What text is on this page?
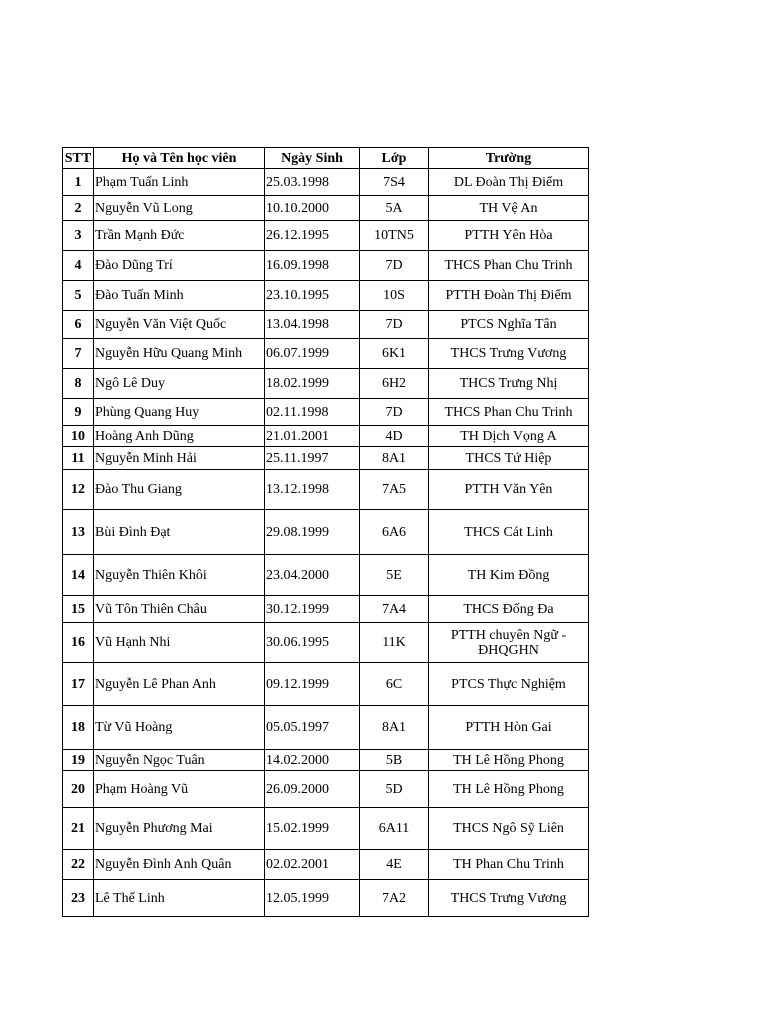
STT	Họ và Tên học viên	Ngày Sinh	Lớp	Trường
1	Phạm Tuấn Linh	25.03.1998	7S4	DL Đoàn Thị Điểm
2	Nguyễn Vũ Long	10.10.2000	5A	TH Vệ An
3	Trần Mạnh Đức	26.12.1995	10TN5	PTTH Yên Hòa
4	Đào Dũng Trí	16.09.1998	7D	THCS Phan Chu Trinh
5	Đào Tuấn Minh	23.10.1995	10S	PTTH Đoàn Thị Điểm
6	Nguyễn Văn Việt Quốc	13.04.1998	7D	PTCS Nghĩa Tân
7	Nguyễn Hữu Quang Minh	06.07.1999	6K1	THCS Trưng Vương
8	Ngô Lê Duy	18.02.1999	6H2	THCS Trưng Nhị
9	Phùng Quang Huy	02.11.1998	7D	THCS Phan Chu Trinh
10	Hoàng Anh Dũng	21.01.2001	4D	TH Dịch Vọng A
11	Nguyễn Minh Hải	25.11.1997	8A1	THCS Tứ Hiệp
12	Đào Thu Giang	13.12.1998	7A5	PTTH Văn Yên
13	Bùi Đình Đạt	29.08.1999	6A6	THCS Cát Linh
14	Nguyễn Thiên Khôi	23.04.2000	5E	TH Kim Đồng
15	Vũ Tôn Thiên Châu	30.12.1999	7A4	THCS Đống Đa
16	Vũ Hạnh Nhi	30.06.1995	11K	PTTH chuyên Ngữ - ĐHQGHN
17	Nguyễn Lê Phan Anh	09.12.1999	6C	PTCS Thực Nghiệm
18	Từ Vũ Hoàng	05.05.1997	8A1	PTTH Hòn Gai
19	Nguyễn Ngọc Tuân	14.02.2000	5B	TH Lê Hồng Phong
20	Phạm Hoàng Vũ	26.09.2000	5D	TH Lê Hồng Phong
21	Nguyễn Phương Mai	15.02.1999	6A11	THCS Ngô Sỹ Liên
22	Nguyễn Đình Anh Quân	02.02.2001	4E	TH Phan Chu Trinh
23	Lê Thế Linh	12.05.1999	7A2	THCS Trưng Vương
